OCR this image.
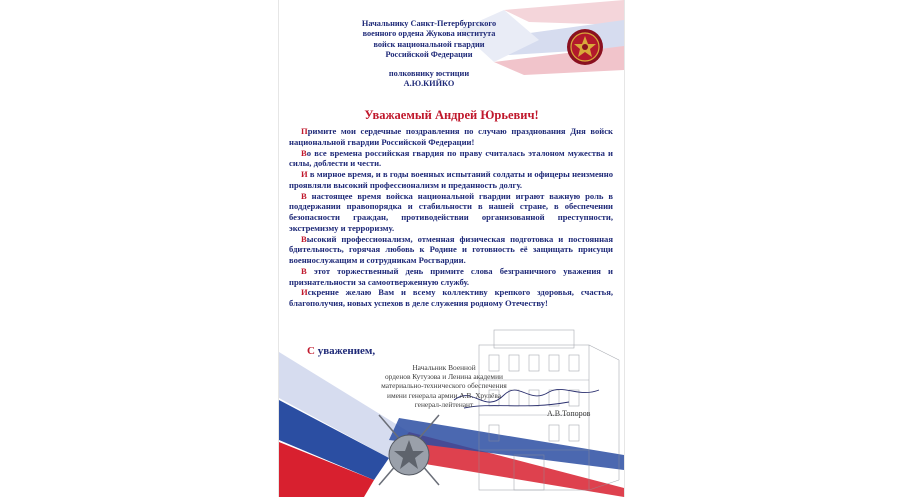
Начальнику Санкт-Петербургского
военного ордена Жукова института
войск национальной гвардии
Российской Федерации
полковнику юстиции
А.Ю.КИЙКО
Уважаемый Андрей Юрьевич!

Примите мои сердечные поздравления по случаю празднования Дня войск национальной гвардии Российской Федерации!

Во все времена российская гвардия по праву считалась эталоном мужества и силы, доблести и чести.

И в мирное время, и в годы военных испытаний солдаты и офицеры неизменно проявляли высокий профессионализм и преданность долгу.

В настоящее время войска национальной гвардии играют важную роль в поддержании правопорядка и стабильности в нашей стране, в обеспечении безопасности граждан, противодействии организованной преступности, экстремизму и терроризму.

Высокий профессионализм, отменная физическая подготовка и постоянная бдительность, горячая любовь к Родине и готовность её защищать присущи военнослужащим и сотрудникам Росгвардии.

В этот торжественный день примите слова безграничного уважения и признательности за самоотверженную службу.

Искренне желаю Вам и всему коллективу крепкого здоровья, счастья, благополучия, новых успехов в деле служения родному Отечеству!

С уважением,
Начальник Военной
орденов Кутузова и Ленина академии
материально-технического обеспечения
имени генерала армии А.В. Хрулёва
генерал-лейтенант
А.В.Топоров
